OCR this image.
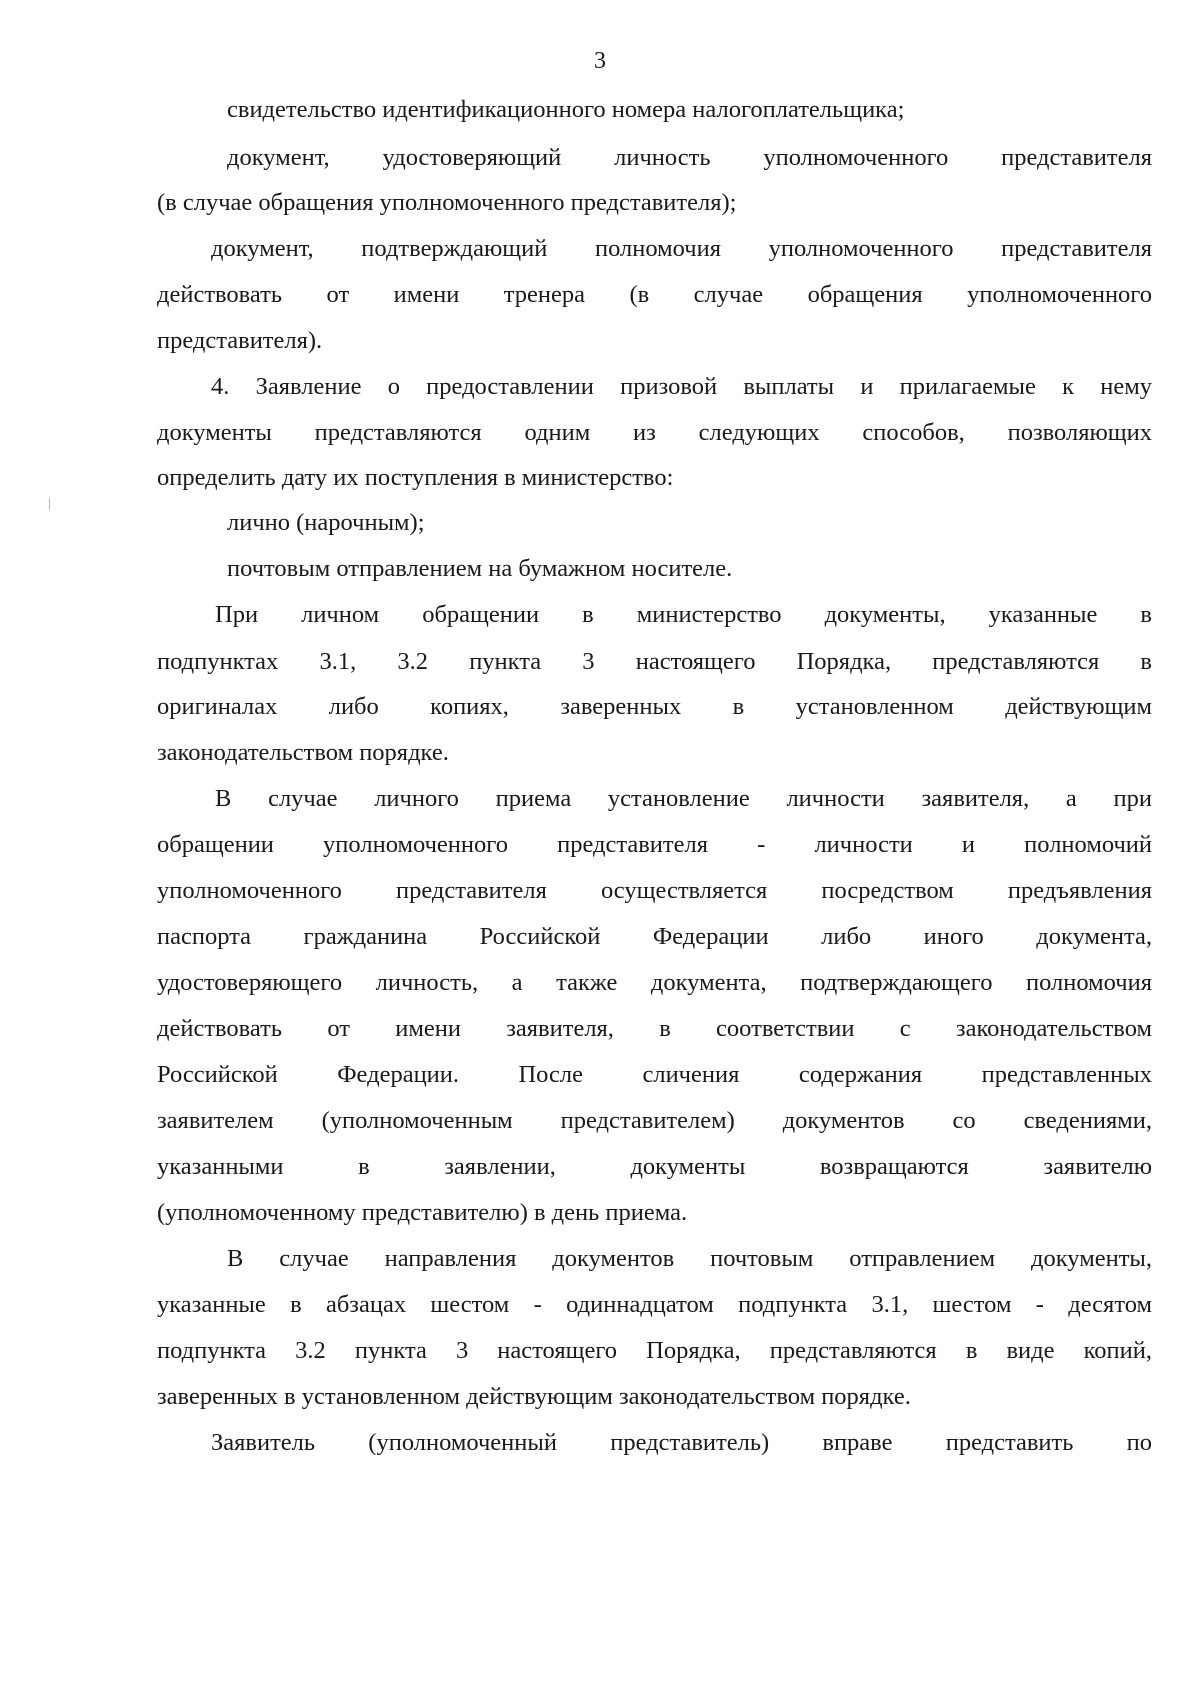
3
свидетельство идентификационного номера налогоплательщика;
документ, удостоверяющий личность уполномоченного представителя
(в случае обращения уполномоченного представителя);
документ, подтверждающий полномочия уполномоченного представителя
действовать от имени тренера (в случае обращения уполномоченного
представителя).
4. Заявление о предоставлении призовой выплаты и прилагаемые к нему
документы представляются одним из следующих способов, позволяющих
определить дату их поступления в министерство:
лично (нарочным);
почтовым отправлением на бумажном носителе.
При личном обращении в министерство документы, указанные в
подпунктах 3.1, 3.2 пункта 3 настоящего Порядка, представляются в
оригиналах либо копиях, заверенных в установленном действующим
законодательством порядке.
В случае личного приема установление личности заявителя, а при
обращении уполномоченного представителя - личности и полномочий
уполномоченного представителя осуществляется посредством предъявления
паспорта гражданина Российской Федерации либо иного документа,
удостоверяющего личность, а также документа, подтверждающего полномочия
действовать от имени заявителя, в соответствии с законодательством
Российской Федерации. После сличения содержания представленных
заявителем (уполномоченным представителем) документов со сведениями,
указанными в заявлении, документы возвращаются заявителю
(уполномоченному представителю) в день приема.
В случае направления документов почтовым отправлением документы,
указанные в абзацах шестом - одиннадцатом подпункта 3.1, шестом - десятом
подпункта 3.2 пункта 3 настоящего Порядка, представляются в виде копий,
заверенных в установленном действующим законодательством порядке.
Заявитель (уполномоченный представитель) вправе представить по
